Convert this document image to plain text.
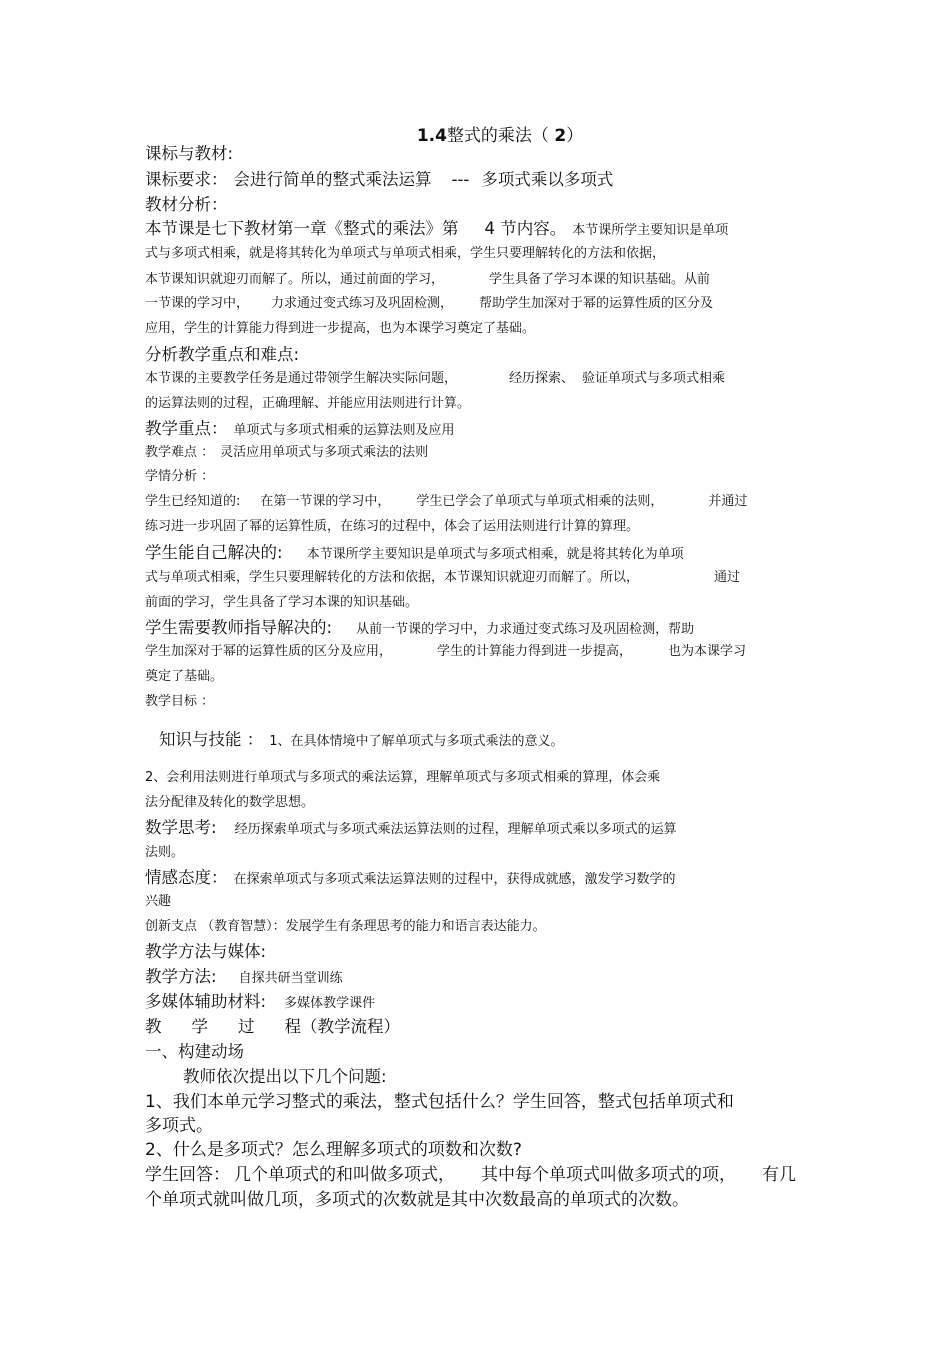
1.4整式的乘法（ 2）
课标与教材:
课标要求： 会进行简单的整式乘法运算 --- 多项式乘以多项式
教材分析：
本节课是七下教材第一章《整式的乘法》第 4 节内容。 本节课所学主要知识是单项
式与多项式相乘，就是将其转化为单项式与单项式相乘，学生只要理解转化的方法和依据，
本节课知识就迎刃而解了。所以，通过前面的学习，	学生具备了学习本课的知识基础。从前
一节课的学习中， 力求通过变式练习及巩固检测， 帮助学生加深对于幂的运算性质的区分及
应用，学生的计算能力得到进一步提高，也为本课学习奠定了基础。
分析教学重点和难点:
本节课的主要教学任务是通过带领学生解决实际问题，	经历探索、 验证单项式与多项式相乘
的运算法则的过程，正确理解、并能应用法则进行计算。
教学重点： 单项式与多项式相乘的运算法则及应用
教学难点 ： 灵活应用单项式与多项式乘法的法则
学情分析 ：
学生已经知道的: 在第一节课的学习中， 学生已学会了单项式与单项式相乘的法则，	并通过
练习进一步巩固了幂的运算性质，在练习的过程中，体会了运用法则进行计算的算理。
学生能自己解决的: 本节课所学主要知识是单项式与多项式相乘，就是将其转化为单项
式与单项式相乘，学生只要理解转化的方法和依据，本节课知识就迎刃而解了。所以，	通过
前面的学习，学生具备了学习本课的知识基础。
学生需要教师指导解决的: 从前一节课的学习中，力求通过变式练习及巩固检测，帮助
学生加深对于幂的运算性质的区分及应用，	学生的计算能力得到进一步提高，	也为本课学习
奠定了基础。
教学目标 ：
知识与技能 ： 1、在具体情境中了解单项式与多项式乘法的意义。
2、会利用法则进行单项式与多项式的乘法运算，理解单项式与多项式相乘的算理，体会乘
法分配律及转化的数学思想。
数学思考: 经历探索单项式与多项式乘法运算法则的过程，理解单项式乘以多项式的运算
法则。
情感态度： 在探索单项式与多项式乘法运算法则的过程中，获得成就感，激发学习数学的
兴趣
创新支点 （教育智慧）：发展学生有条理思考的能力和语言表达能力。
教学方法与媒体:
教学方法: 自探共研当堂训练
多媒体辅助材料: 多媒体教学课件
教 学 过 程（教学流程）
一、构建动场
教师依次提出以下几个问题:
1、我们本单元学习整式的乘法，整式包括什么？学生回答，整式包括单项式和
多项式。
2、什么是多项式？怎么理解多项式的项数和次数?
学生回答： 几个单项式的和叫做多项式， 其中每个单项式叫做多项式的项， 有几
个单项式就叫做几项，多项式的次数就是其中次数最高的单项式的次数。
